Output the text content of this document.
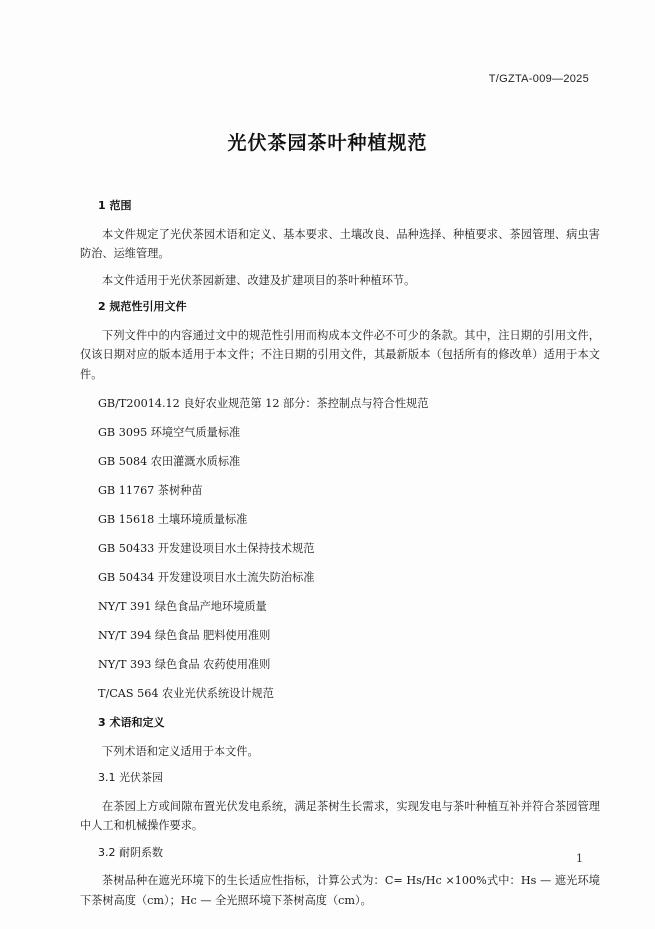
T/GZTA-009—2025
光伏茶园茶叶种植规范
1 范围
本文件规定了光伏茶园术语和定义、基本要求、土壤改良、品种选择、种植要求、茶园管理、病虫害防治、运维管理。
本文件适用于光伏茶园新建、改建及扩建项目的茶叶种植环节。
2 规范性引用文件
下列文件中的内容通过文中的规范性引用而构成本文件必不可少的条款。其中，注日期的引用文件，仅该日期对应的版本适用于本文件；不注日期的引用文件，其最新版本（包括所有的修改单）适用于本文件。
GB/T20014.12 良好农业规范第 12 部分：茶控制点与符合性规范
GB 3095 环境空气质量标准
GB 5084 农田灌溉水质标准
GB 11767 茶树种苗
GB 15618 土壤环境质量标准
GB 50433 开发建设项目水土保持技术规范
GB 50434 开发建设项目水土流失防治标准
NY/T 391 绿色食品产地环境质量
NY/T 394 绿色食品 肥料使用准则
NY/T 393 绿色食品 农药使用准则
T/CAS 564 农业光伏系统设计规范
3 术语和定义
下列术语和定义适用于本文件。
3.1 光伏茶园
在茶园上方或间隙布置光伏发电系统，满足茶树生长需求，实现发电与茶叶种植互补并符合茶园管理中人工和机械操作要求。
3.2 耐阴系数
茶树品种在遮光环境下的生长适应性指标，计算公式为：C= Hs/Hc ×100%式中：Hs — 遮光环境下茶树高度（cm）；Hc — 全光照环境下茶树高度（cm）。
1
